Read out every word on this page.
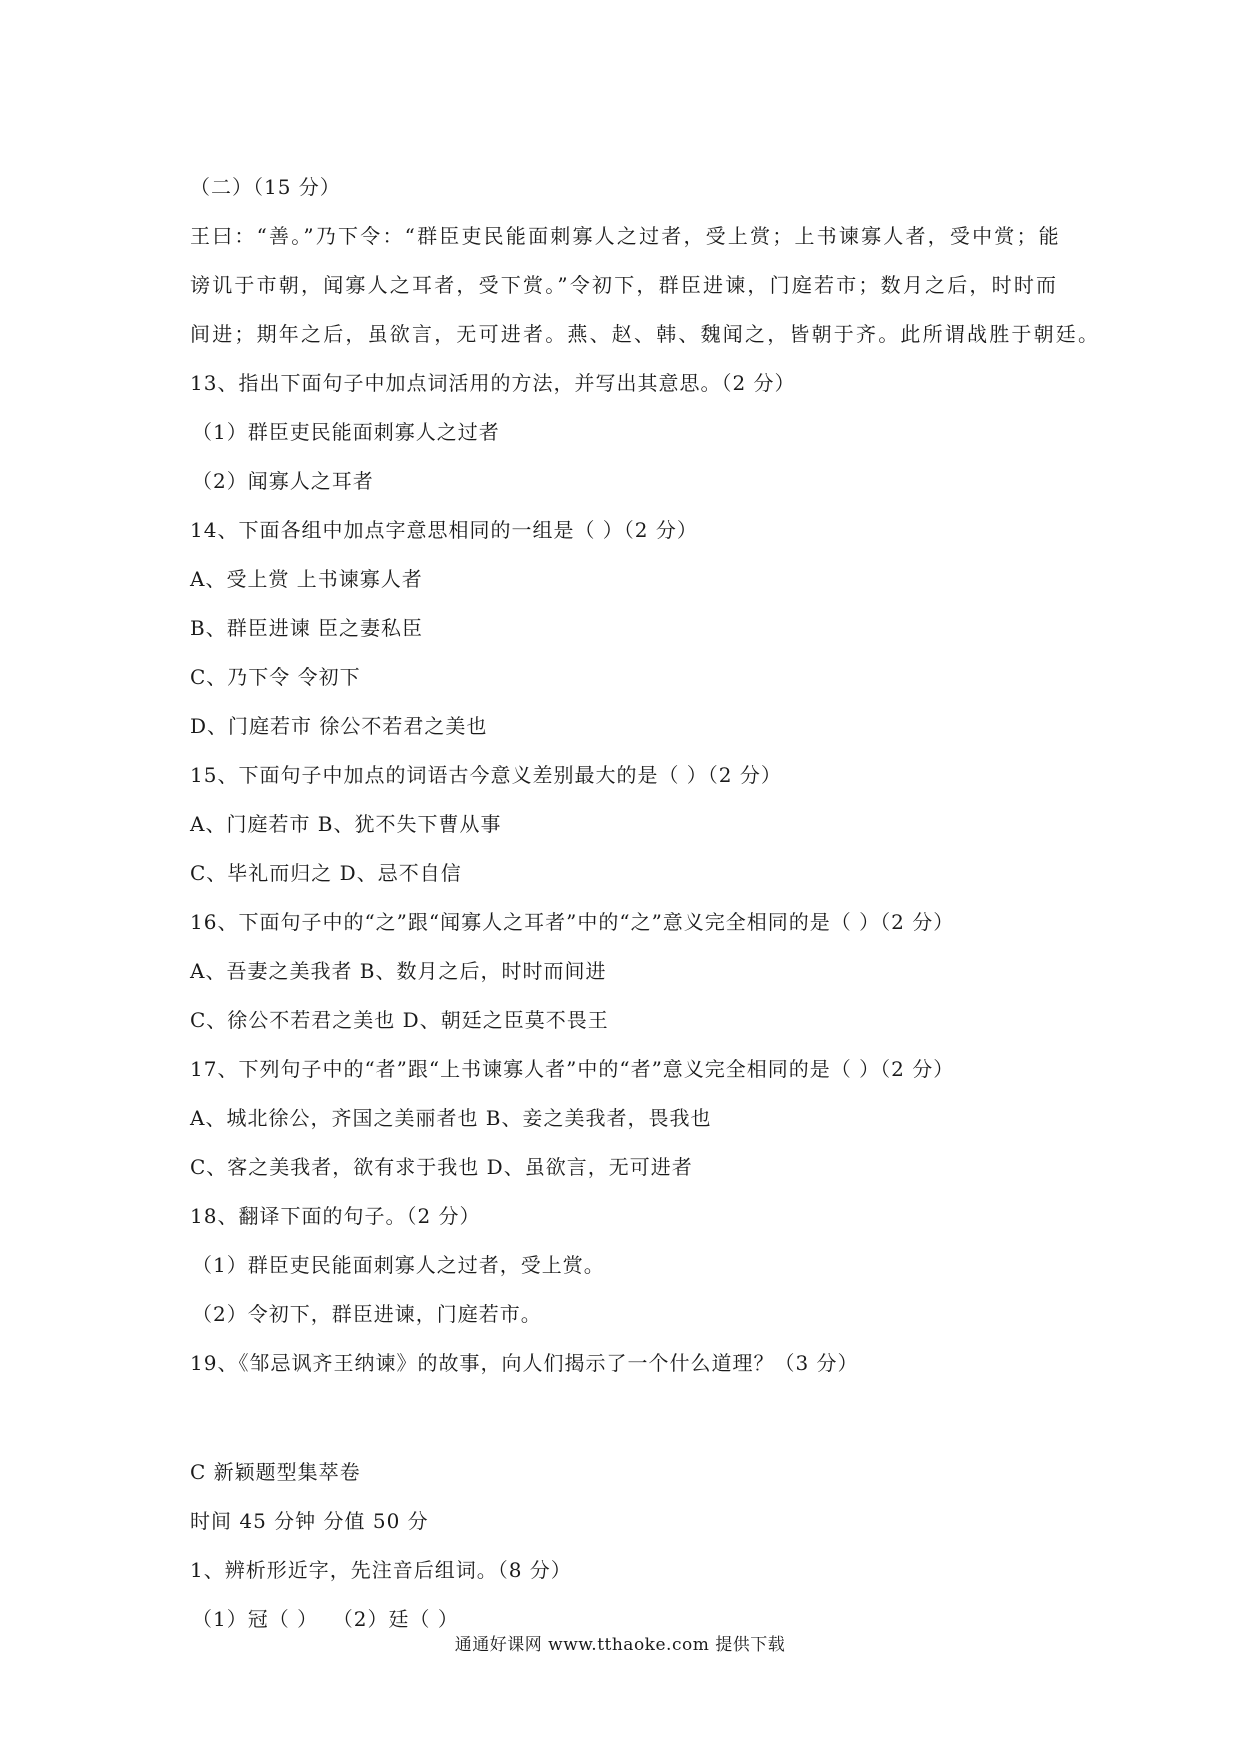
（二）（15 分）
王曰：“善。”乃下令：“群臣吏民能面刺寡人之过者，受上赏；上书谏寡人者，受中赏；能
谤讥于市朝，闻寡人之耳者，受下赏。”令初下，群臣进谏，门庭若市；数月之后，时时而
间进；期年之后，虽欲言，无可进者。燕、赵、韩、魏闻之，皆朝于齐。此所谓战胜于朝廷。
13、指出下面句子中加点词活用的方法，并写出其意思。（2 分）
（1）群臣吏民能面刺寡人之过者
（2）闻寡人之耳者
14、下面各组中加点字意思相同的一组是（ ）（2 分）
A、受上赏 上书谏寡人者
B、群臣进谏 臣之妻私臣
C、乃下令 令初下
D、门庭若市 徐公不若君之美也
15、下面句子中加点的词语古今意义差别最大的是（ ）（2 分）
A、门庭若市 B、犹不失下曹从事
C、毕礼而归之 D、忌不自信
16、下面句子中的“之”跟“闻寡人之耳者”中的“之”意义完全相同的是（ ）（2 分）
A、吾妻之美我者 B、数月之后，时时而间进
C、徐公不若君之美也 D、朝廷之臣莫不畏王
17、下列句子中的“者”跟“上书谏寡人者”中的“者”意义完全相同的是（ ）（2 分）
A、城北徐公，齐国之美丽者也 B、妾之美我者，畏我也
C、客之美我者，欲有求于我也 D、虽欲言，无可进者
18、翻译下面的句子。（2 分）
（1）群臣吏民能面刺寡人之过者，受上赏。
（2）令初下，群臣进谏，门庭若市。
19、《邹忌讽齐王纳谏》的故事，向人们揭示了一个什么道理？（3 分）
C 新颖题型集萃卷
时间 45 分钟 分值 50 分
1、辨析形近字，先注音后组词。（8 分）
（1）冠（ ）  （2）廷（ ）
通通好课网 www.tthaoke.com 提供下载
